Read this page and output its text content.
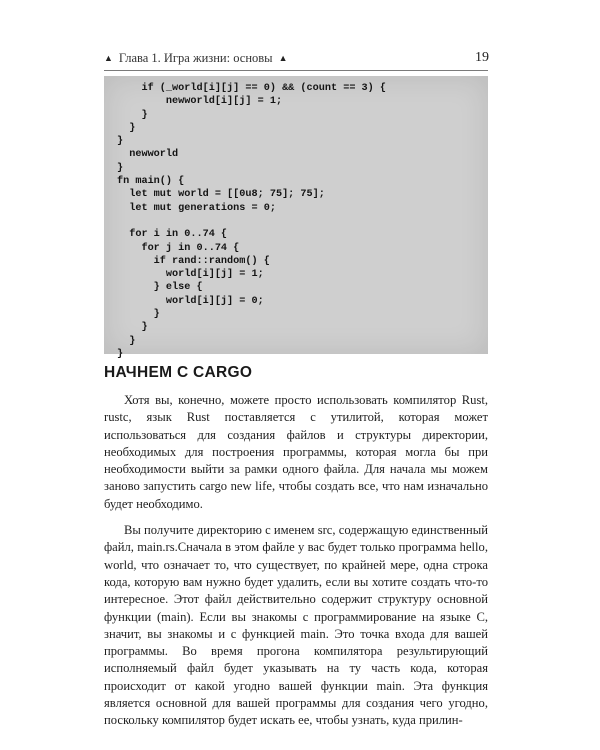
▲ Глава 1. Игра жизни: основы ▲	19
if (_world[i][j] == 0) && (count == 3) {
newworld[i][j] = 1;
}
}
}
newworld
}
fn main() {
let mut world = [[0u8; 75]; 75];
let mut generations = 0;

for i in 0..74 {
for j in 0..74 {
if rand::random() {
world[i][j] = 1;
} else {
world[i][j] = 0;
}
}
}
}
НАЧНЕМ С CARGO

Хотя вы, конечно, можете просто использовать компилятор Rust, rustc, язык Rust поставляется с утилитой, которая может использоваться для создания файлов и структуры директории, необходимых для построения программы, которая могла бы при необходимости выйти за рамки одного файла. Для начала мы можем заново запустить cargo new life, чтобы создать все, что нам изначально будет необходимо.

Вы получите директорию с именем src, содержащую единственный файл, main.rs.Сначала в этом файле у вас будет только программа hello, world, что означает то, что существует, по крайней мере, одна строка кода, которую вам нужно будет удалить, если вы хотите создать что-то интересное. Этот файл действительно содержит структуру основной функции (main). Если вы знакомы с программирование на языке С, значит, вы знакомы и с функцией main. Это точка входа для вашей программы. Во время прогона компилятора результирующий исполняемый файл будет указывать на ту часть кода, которая происходит от какой угодно вашей функции main. Эта функция является основной для вашей программы для создания чего угодно, поскольку компилятор будет искать ее, чтобы узнать, куда прилин-
